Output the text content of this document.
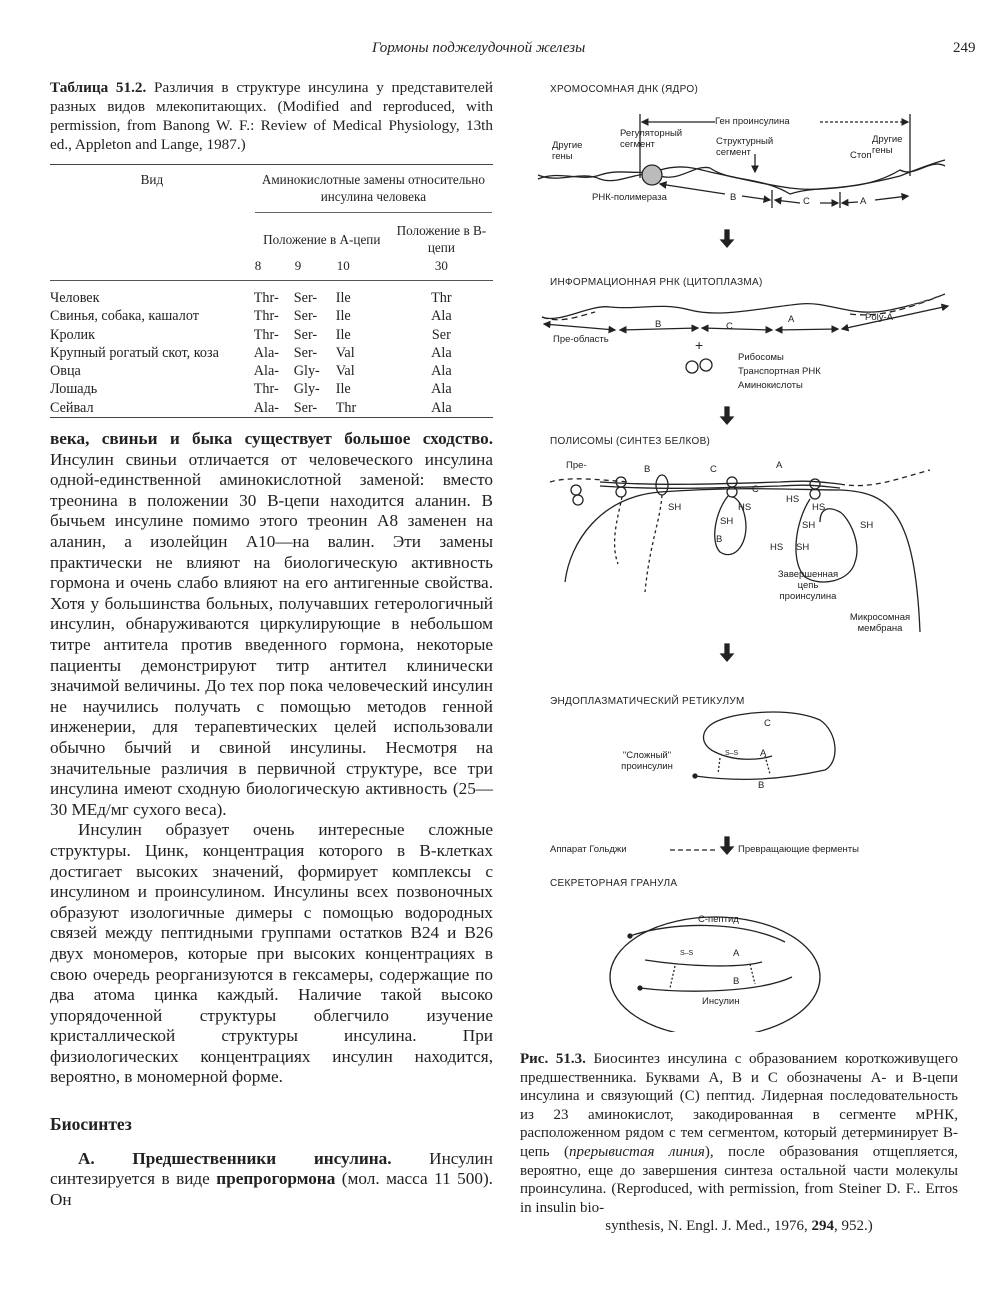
Гормоны поджелудочной железы	249
Таблица 51.2. Различия в структуре инсулина у представителей разных видов млекопитающих. (Modified and reproduced, with permission, from Banong W. F.: Review of Medical Physiology, 13th ed., Appleton and Lange, 1987.)

Вид	Аминокислотные замены относительно инсулина человека			

	Положение в А-цепи			Положение в В-цепи
	8	9	10	30

Человек	Thr-	Ser-	Ile	Thr
Свинья, собака, кашалот	Thr-	Ser-	Ile	Ala
Кролик	Thr-	Ser-	Ile	Ser
Крупный рогатый скот, коза	Ala-	Ser-	Val	Ala
Овца	Ala-	Gly-	Val	Ala
Лошадь	Thr-	Gly-	Ile	Ala
Сейвал	Ala-	Ser-	Thr	Ala

века, свиньи и быка существует большое сходство. Инсулин свиньи отличается от человеческого инсулина одной-единственной аминокислотной заменой: вместо треонина в положении 30 В-цепи находится аланин. В бычьем инсулине помимо этого треонин А8 заменен на аланин, а изолейцин А10—на валин. Эти замены практически не влияют на биологическую активность гормона и очень слабо влияют на его антигенные свойства. Хотя у большинства больных, получавших гетерологичный инсулин, обнаруживаются циркулирующие в небольшом титре антитела против введенного гормона, некоторые пациенты демонстрируют титр антител клинически значимой величины. До тех пор пока человеческий инсулин не научились получать с помощью методов генной инженерии, для терапевтических целей использовали обычно бычий и свиной инсулины. Несмотря на значительные различия в первичной структуре, все три инсулина имеют сходную биологическую активность (25—30 МЕд/мг сухого веса).

Инсулин образует очень интересные сложные структуры. Цинк, концентрация которого в В-клетках достигает высоких значений, формирует комплексы с инсулином и проинсулином. Инсулины всех позвоночных образуют изологичные димеры с помощью водородных связей между пептидными группами остатков В24 и В26 двух мономеров, которые при высоких концентрациях в свою очередь реорганизуются в гексамеры, содержащие по два атома цинка каждый. Наличие такой высоко упорядоченной структуры облегчило изучение кристаллической структуры инсулина. При физиологических концентрациях инсулин находится, вероятно, в мономерной форме.

Биосинтез

А. Предшественники инсулина. Инсулин синтезируется в виде препрогормона (мол. масса 11 500). Он

ХРОМОСОМНАЯ ДНК (ЯДРО)
Ген проинсулина
Регуляторный сегмент
Другие гены
Структурный сегмент	Стоп
Другие гены
РНК-полимераза	B	C	A
ИНФОРМАЦИОННАЯ РНК (ЦИТОПЛАЗМА)
B	C
A	Poly-A
Пре-область	+
Рибосомы
Транспортная РНК
Аминокислоты
ПОЛИСОМЫ (СИНТЕЗ БЕЛКОВ)
Пре-	B	C	A
SH
SH
HS
C
B
HS
HS
SH	SH
HS SH
Завершенная цепь проинсулина
Микросомная мембрана
ЭНДОПЛАЗМАТИЧЕСКИЙ РЕТИКУЛУМ
C
"Сложный" проинсулин
S–S A
B
Аппарат Гольджи	Превращающие ферменты
СЕКРЕТОРНАЯ ГРАНУЛА
С-пептид
S–S	A
B
Инсулин
Рис. 51.3. Биосинтез инсулина с образованием короткоживущего предшественника. Буквами А, В и С обозначены А- и В-цепи инсулина и связующий (С) пептид. Лидерная последовательность из 23 аминокислот, закодированная в сегменте мРНК, расположенном рядом с тем сегментом, который детерминирует В-цепь (прерывистая линия), после образования отщепляется, вероятно, еще до завершения синтеза остальной части молекулы проинсулина. (Reproduced, with permission, from Steiner D. F.. Erros in insulin bio-
synthesis, N. Engl. J. Med., 1976, 294, 952.)
